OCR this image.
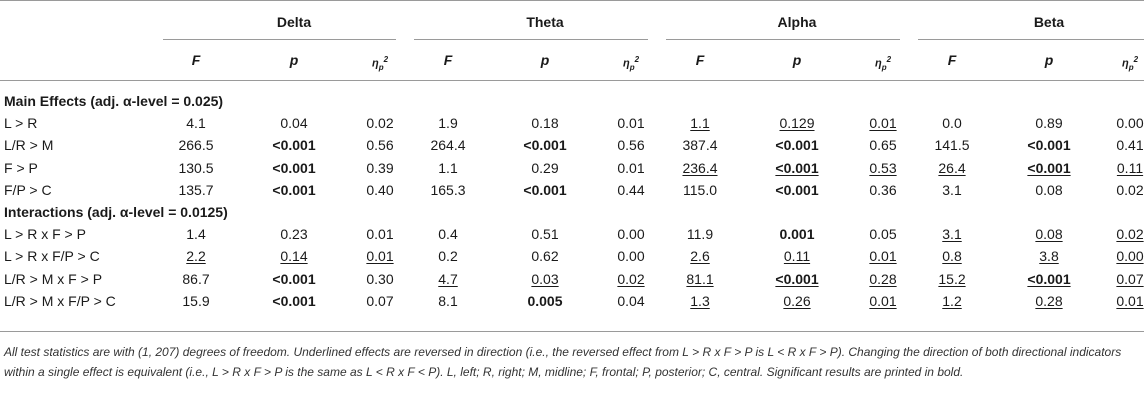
Delta	Theta	Alpha	Beta
F	p	$\eta_p^2$	F	p	$\eta_p^2$	F	p	$\eta_p^2$	F	p	$\eta_p^2$
Main Effects (adj. α-level = 0.025)
L > R	4.1	0.04	0.02	1.9	0.18	0.01	1.1	0.129	0.01	0.0	0.89	0.00
L/R > M	266.5	<0.001	0.56	264.4	<0.001	0.56	387.4	<0.001	0.65	141.5	<0.001	0.41
F > P	130.5	<0.001	0.39	1.1	0.29	0.01	236.4	<0.001	0.53	26.4	<0.001	0.11
F/P > C	135.7	<0.001	0.40	165.3	<0.001	0.44	115.0	<0.001	0.36	3.1	0.08	0.02
Interactions (adj. α-level = 0.0125)
L > R x F > P	1.4	0.23	0.01	0.4	0.51	0.00	11.9	0.001	0.05	3.1	0.08	0.02
L > R x F/P > C	2.2	0.14	0.01	0.2	0.62	0.00	2.6	0.11	0.01	0.8	3.8	0.00
L/R > M x F > P	86.7	<0.001	0.30	4.7	0.03	0.02	81.1	<0.001	0.28	15.2	<0.001	0.07
L/R > M x F/P > C	15.9	<0.001	0.07	8.1	0.005	0.04	1.3	0.26	0.01	1.2	0.28	0.01
All test statistics are with (1, 207) degrees of freedom. Underlined effects are reversed in direction (i.e., the reversed effect from L > R x F > P is L < R x F > P). Changing the direction of both directional indicators within a single effect is equivalent (i.e., L > R x F > P is the same as L < R x F < P). L, left; R, right; M, midline; F, frontal; P, posterior; C, central. Significant results are printed in bold.
